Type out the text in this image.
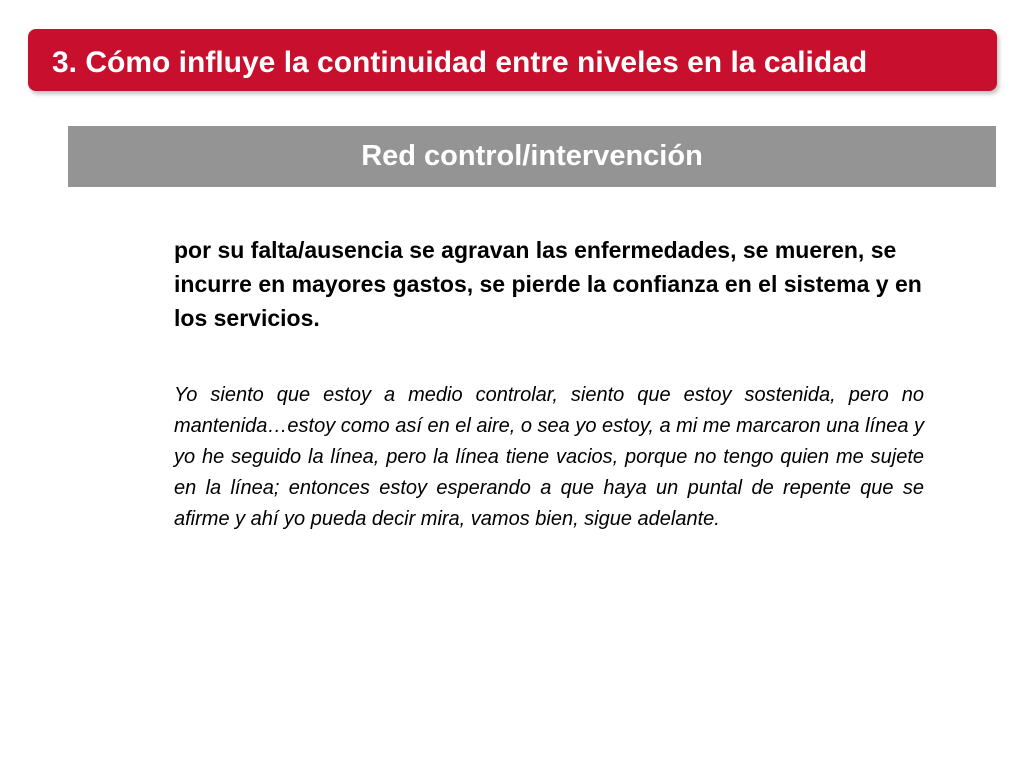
3. Cómo influye la continuidad entre niveles en la calidad
Red control/intervención
por su falta/ausencia se agravan las enfermedades, se mueren, se incurre en mayores gastos, se pierde la confianza en el sistema y en los servicios.
Yo siento que estoy a medio controlar, siento que estoy sostenida, pero no mantenida…estoy como así en el aire, o sea yo estoy, a mi me marcaron una línea y yo he seguido la línea, pero la línea tiene vacios, porque no tengo quien me sujete en la línea; entonces estoy esperando a que haya un puntal de repente que se afirme y ahí yo pueda decir mira, vamos bien, sigue adelante.
